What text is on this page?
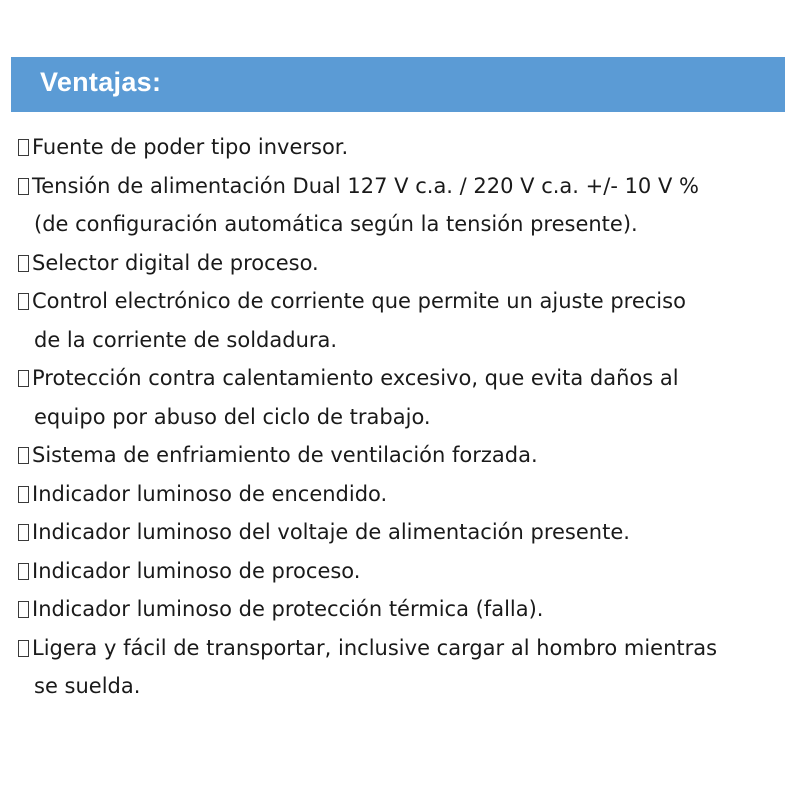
Ventajas:
Fuente de poder tipo inversor.
Tensión de alimentación Dual 127 V c.a. / 220 V c.a. +/- 10 V %
(de configuración automática según la tensión presente).
Selector digital de proceso.
Control electrónico de corriente que permite un ajuste preciso
de la corriente de soldadura.
Protección contra calentamiento excesivo, que evita daños al
equipo por abuso del ciclo de trabajo.
Sistema de enfriamiento de ventilación forzada.
Indicador luminoso de encendido.
Indicador luminoso del voltaje de alimentación presente.
Indicador luminoso de proceso.
Indicador luminoso de protección térmica (falla).
Ligera y fácil de transportar, inclusive cargar al hombro mientras
se suelda.
